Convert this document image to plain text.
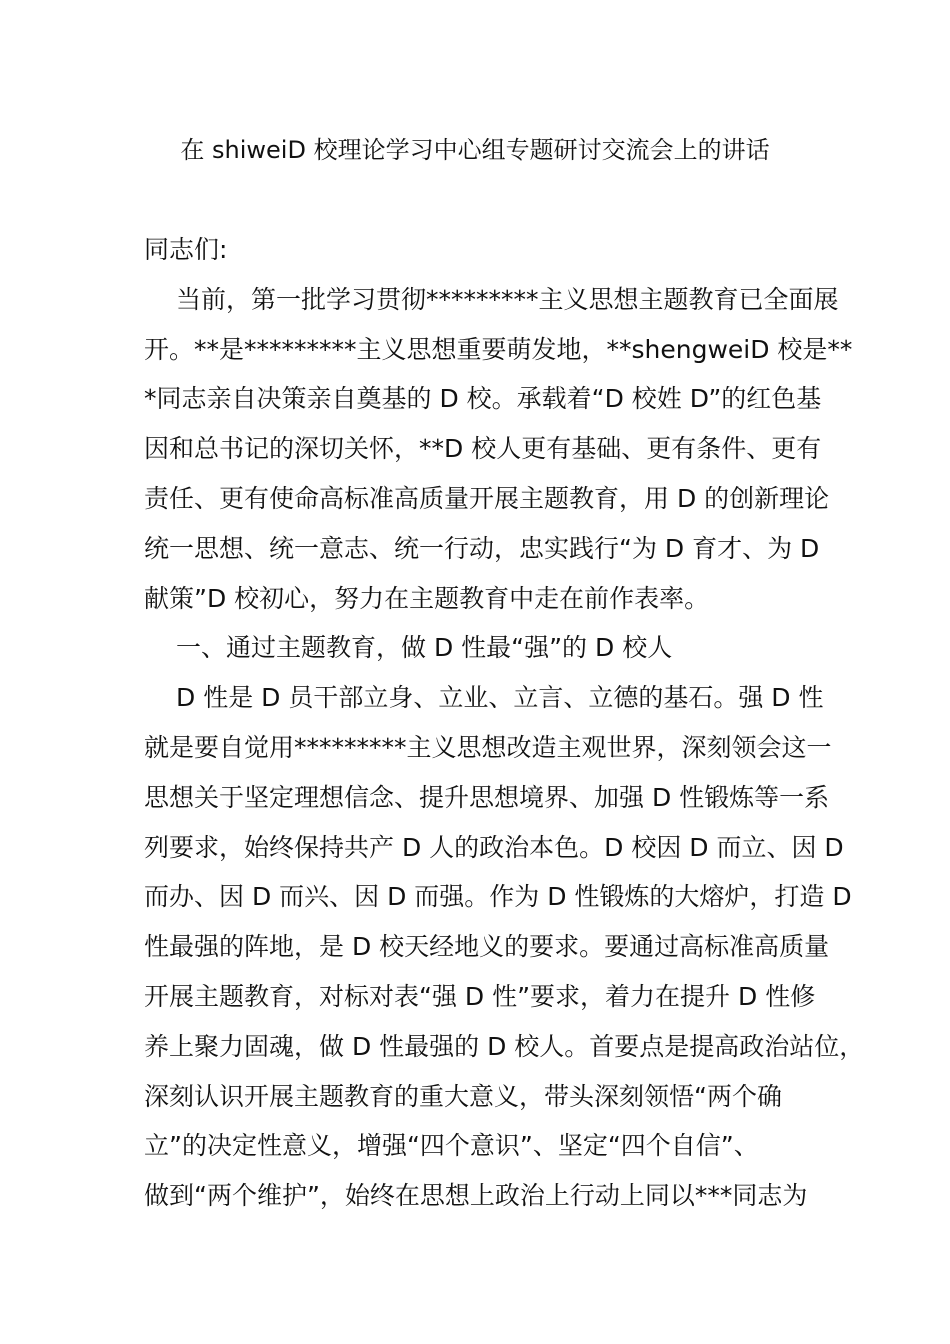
在 shiweiD 校理论学习中心组专题研讨交流会上的讲话
同志们:
当前，第一批学习贯彻*********主义思想主题教育已全面展
开。**是*********主义思想重要萌发地，**shengweiD 校是**
*同志亲自决策亲自奠基的 D 校。承载着“D 校姓 D”的红色基
因和总书记的深切关怀，**D 校人更有基础、更有条件、更有
责任、更有使命高标准高质量开展主题教育，用 D 的创新理论
统一思想、统一意志、统一行动，忠实践行“为 D 育才、为 D
献策”D 校初心，努力在主题教育中走在前作表率。
一、通过主题教育，做 D 性最“强”的 D 校人
D 性是 D 员干部立身、立业、立言、立德的基石。强 D 性
就是要自觉用*********主义思想改造主观世界，深刻领会这一
思想关于坚定理想信念、提升思想境界、加强 D 性锻炼等一系
列要求，始终保持共产 D 人的政治本色。D 校因 D 而立、因 D
而办、因 D 而兴、因 D 而强。作为 D 性锻炼的大熔炉，打造 D
性最强的阵地，是 D 校天经地义的要求。要通过高标准高质量
开展主题教育，对标对表“强 D 性”要求，着力在提升 D 性修
养上聚力固魂，做 D 性最强的 D 校人。首要点是提高政治站位，
深刻认识开展主题教育的重大意义，带头深刻领悟“两个确
立”的决定性意义，增强“四个意识”、坚定“四个自信”、
做到“两个维护”，始终在思想上政治上行动上同以***同志为
